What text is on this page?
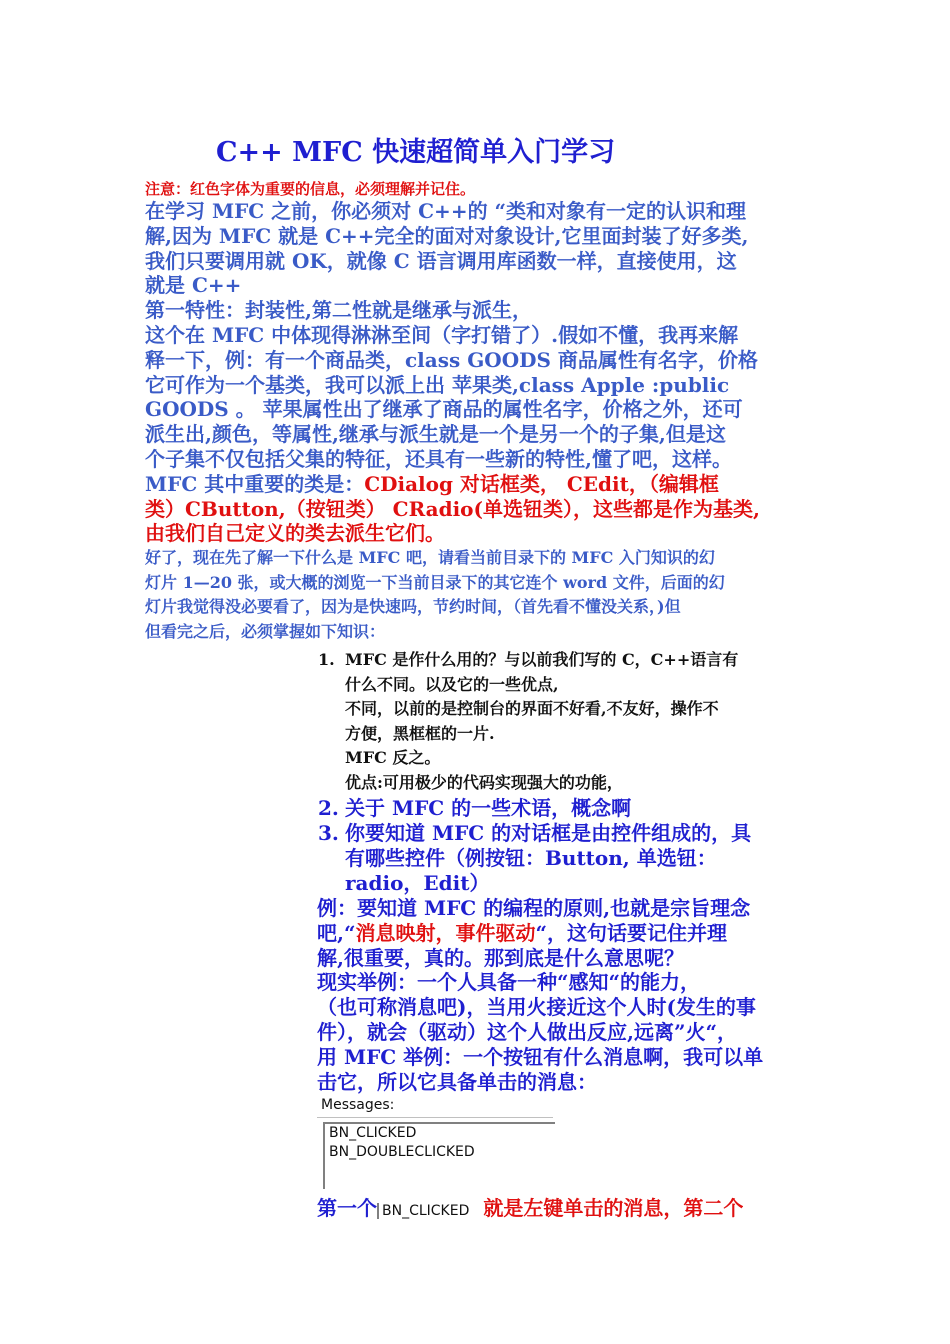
C++ MFC 快速超简单入门学习
注意：红色字体为重要的信息，必须理解并记住。

在学习 MFC 之前，你必须对 C++的 “类和对象有一定的认识和理

解,因为 MFC 就是 C++完全的面对对象设计,它里面封装了好多类,

我们只要调用就 OK，就像 C 语言调用库函数一样，直接使用，这

就是 C++

第一特性：封装性,第二性就是继承与派生，

这个在 MFC 中体现得淋淋至间（字打错了）.假如不懂，我再来解

释一下，例：有一个商品类，class GOODS 商品属性有名字，价格

它可作为一个基类，我可以派上出 苹果类,class Apple :public

GOODS 。 苹果属性出了继承了商品的属性名字，价格之外，还可

派生出,颜色，等属性,继承与派生就是一个是另一个的子集,但是这

个子集不仅包括父集的特征，还具有一些新的特性,懂了吧，这样。

MFC 其中重要的类是：CDialog 对话框类， CEdit，（编辑框

类）CButton,（按钮类） CRadio(单选钮类），这些都是作为基类,

由我们自己定义的类去派生它们。

好了，现在先了解一下什么是 MFC 吧，请看当前目录下的 MFC 入门知识的幻

灯片 1—20 张，或大概的浏览一下当前目录下的其它连个 word 文件，后面的幻

灯片我觉得没必要看了，因为是快速吗，节约时间，（首先看不懂没关系，)但

但看完之后，必须掌握如下知识：

1. MFC 是作什么用的？与以前我们写的 C，C++语言有

什么不同。以及它的一些优点,

不同，以前的是控制台的界面不好看,不友好，操作不

方便，黑框框的一片.

MFC 反之。

优点:可用极少的代码实现强大的功能，

2. 关于 MFC 的一些术语，概念啊

3. 你要知道 MFC 的对话框是由控件组成的，具

有哪些控件（例按钮：Button, 单选钮：

radio，Edit）

例：要知道 MFC 的编程的原则,也就是宗旨理念

吧,“消息映射，事件驱动“，这句话要记住并理

解,很重要，真的。那到底是什么意思呢？

现实举例：一个人具备一种“感知“的能力，

（也可称消息吧)，当用火接近这个人时(发生的事

件），就会（驱动）这个人做出反应,远离”火“，

用 MFC 举例：一个按钮有什么消息啊，我可以单

击它，所以它具备单击的消息：

Messages:
BN_CLICKED
BN_DOUBLECLICKED
第一个 BN_CLICKED 就是左键单击的消息，第二个
